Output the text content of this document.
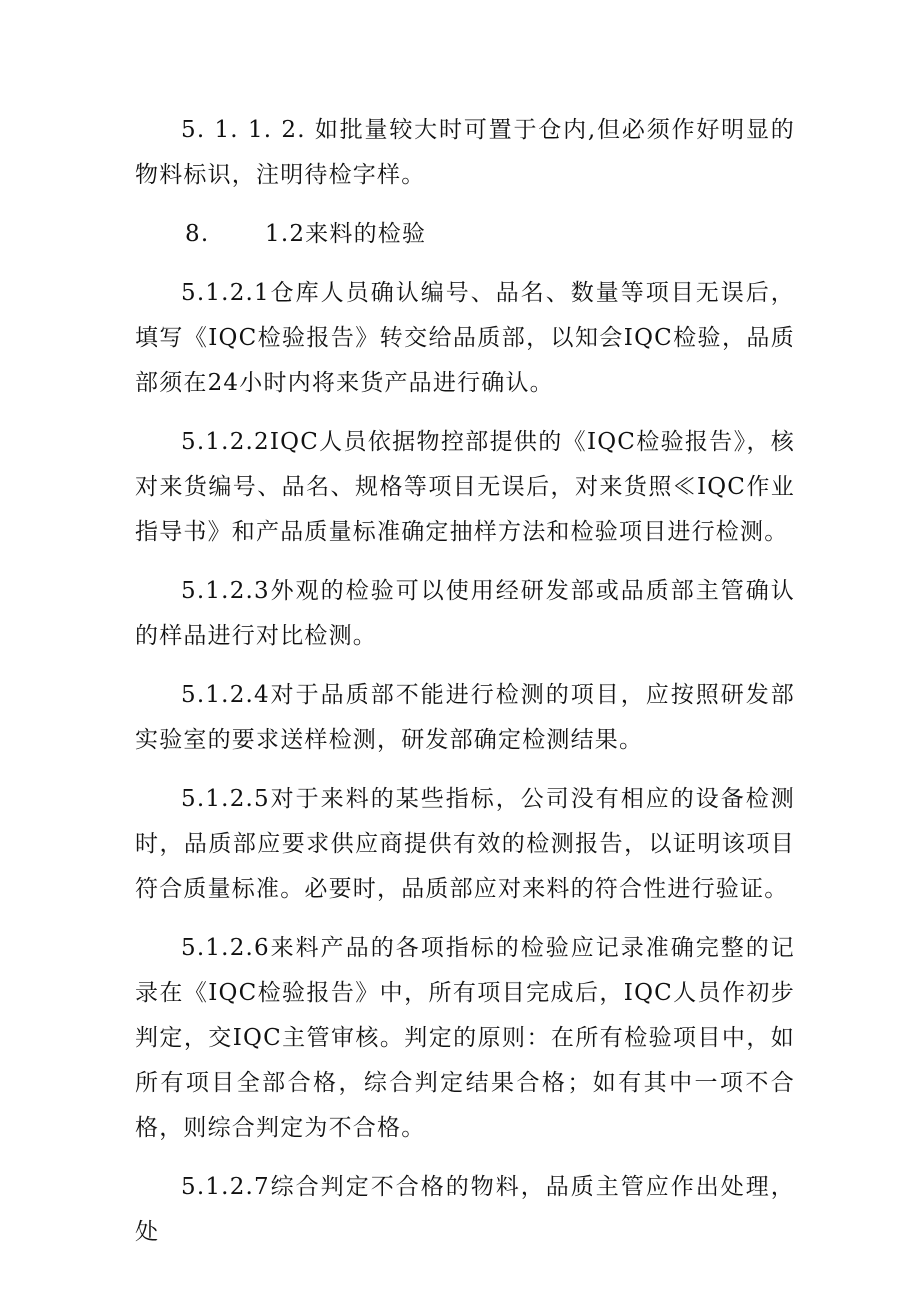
5. 1. 1. 2. 如批量较大时可置于仓内,但必须作好明显的物料标识，注明待检字样。

8. 1.2来料的检验

5.1.2.1仓库人员确认编号、品名、数量等项目无误后，填写《IQC检验报告》转交给品质部，以知会IQC检验，品质部须在24小时内将来货产品进行确认。

5.1.2.2IQC人员依据物控部提供的《IQC检验报告》，核对来货编号、品名、规格等项目无误后，对来货照≪IQC作业指导书》和产品质量标准确定抽样方法和检验项目进行检测。

5.1.2.3外观的检验可以使用经研发部或品质部主管确认的样品进行对比检测。

5.1.2.4对于品质部不能进行检测的项目，应按照研发部实验室的要求送样检测，研发部确定检测结果。

5.1.2.5对于来料的某些指标，公司没有相应的设备检测时，品质部应要求供应商提供有效的检测报告，以证明该项目符合质量标准。必要时，品质部应对来料的符合性进行验证。

5.1.2.6来料产品的各项指标的检验应记录准确完整的记录在《IQC检验报告》中，所有项目完成后，IQC人员作初步判定，交IQC主管审核。判定的原则：在所有检验项目中，如所有项目全部合格，综合判定结果合格；如有其中一项不合格，则综合判定为不合格。

5.1.2.7综合判定不合格的物料，品质主管应作出处理，处
